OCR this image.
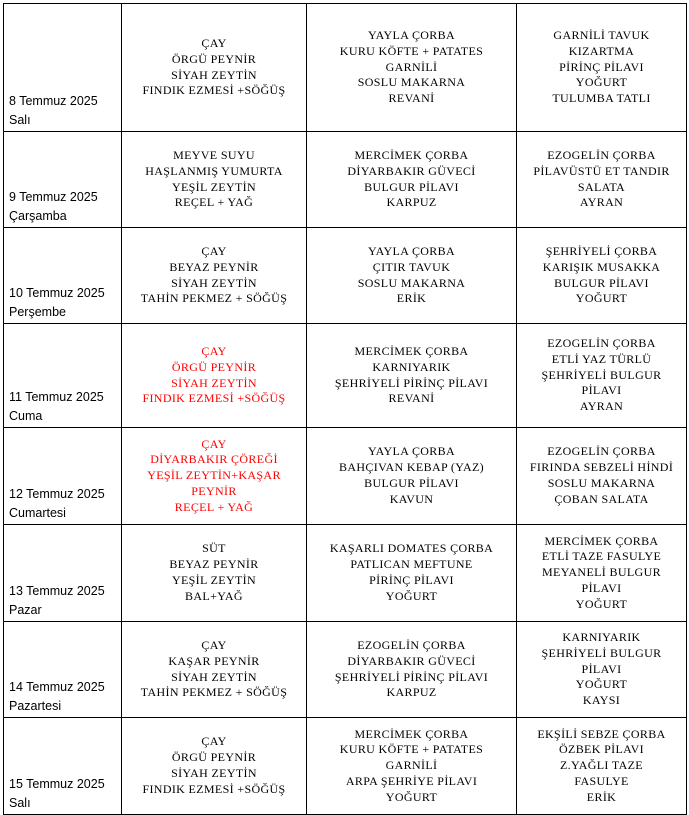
8 Temmuz 2025
Salı	ÇAY
ÖRGÜ PEYNİR
SİYAH ZEYTİN
FINDIK EZMESİ +SÖĞÜŞ	YAYLA ÇORBA
KURU KÖFTE + PATATES
GARNİLİ
SOSLU MAKARNA
REVANİ	GARNİLİ TAVUK
KIZARTMA
PİRİNÇ PİLAVI
YOĞURT
TULUMBA TATLI

9 Temmuz 2025
Çarşamba	MEYVE SUYU
HAŞLANMIŞ YUMURTA
YEŞİL ZEYTİN
REÇEL + YAĞ	MERCİMEK ÇORBA
DİYARBAKIR GÜVECİ
BULGUR PİLAVI
KARPUZ	EZOGELİN ÇORBA
PİLAVÜSTÜ ET TANDIR
SALATA
AYRAN

10 Temmuz 2025
Perşembe	ÇAY
BEYAZ PEYNİR
SİYAH ZEYTİN
TAHİN PEKMEZ + SÖĞÜŞ	YAYLA ÇORBA
ÇITIR TAVUK
SOSLU MAKARNA
ERİK	ŞEHRİYELİ ÇORBA
KARIŞIK MUSAKKA
BULGUR PİLAVI
YOĞURT

11 Temmuz 2025
Cuma	ÇAY
ÖRGÜ PEYNİR
SİYAH ZEYTİN
FINDIK EZMESİ +SÖĞÜŞ	MERCİMEK ÇORBA
KARNIYARIK
ŞEHRİYELİ PİRİNÇ PİLAVI
REVANİ	EZOGELİN ÇORBA
ETLİ YAZ TÜRLÜ
ŞEHRİYELİ BULGUR
PİLAVI
AYRAN

12 Temmuz 2025
Cumartesi	ÇAY
DİYARBAKIR ÇÖREĞİ
YEŞİL ZEYTİN+KAŞAR
PEYNİR
REÇEL + YAĞ	YAYLA ÇORBA
BAHÇIVAN KEBAP (YAZ)
BULGUR PİLAVI
KAVUN	EZOGELİN ÇORBA
FIRINDA SEBZELİ HİNDİ
SOSLU MAKARNA
ÇOBAN SALATA

13 Temmuz 2025
Pazar	SÜT
BEYAZ PEYNİR
YEŞİL ZEYTİN
BAL+YAĞ	KAŞARLI DOMATES ÇORBA
PATLICAN MEFTUNE
PİRİNÇ PİLAVI
YOĞURT	MERCİMEK ÇORBA
ETLİ TAZE FASULYE
MEYANELİ BULGUR
PİLAVI
YOĞURT

14 Temmuz 2025
Pazartesi	ÇAY
KAŞAR PEYNİR
SİYAH ZEYTİN
TAHİN PEKMEZ + SÖĞÜŞ	EZOGELİN ÇORBA
DİYARBAKIR GÜVECİ
ŞEHRİYELİ PİRİNÇ PİLAVI
KARPUZ	KARNIYARIK
ŞEHRİYELİ BULGUR
PİLAVI
YOĞURT
KAYSI

15 Temmuz 2025
Salı	ÇAY
ÖRGÜ PEYNİR
SİYAH ZEYTİN
FINDIK EZMESİ +SÖĞÜŞ	MERCİMEK ÇORBA
KURU KÖFTE + PATATES
GARNİLİ
ARPA ŞEHRİYE PİLAVI
YOĞURT	EKŞİLİ SEBZE ÇORBA
ÖZBEK PİLAVI
Z.YAĞLI TAZE
FASULYE
ERİK
